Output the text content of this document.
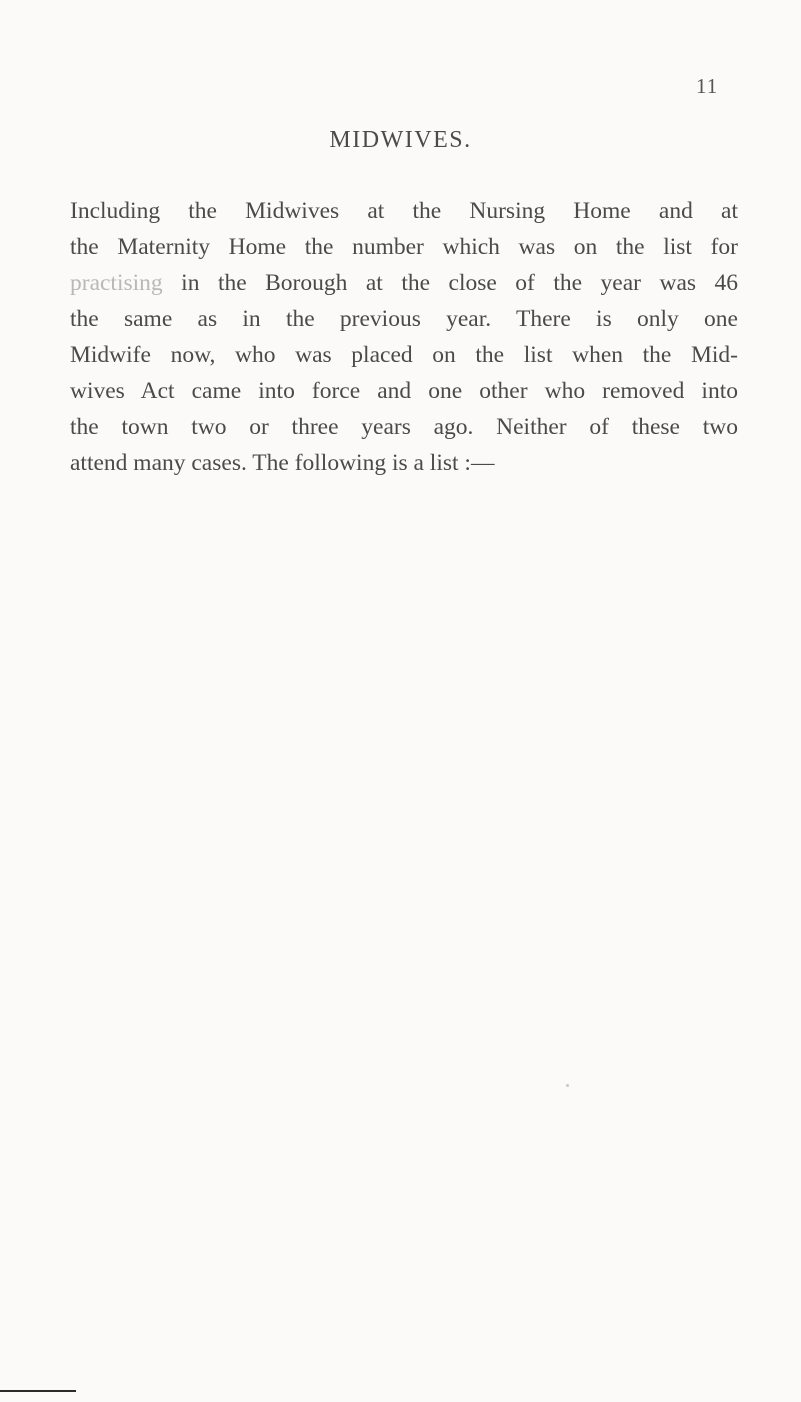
11
MIDWIVES.
Including the Midwives at the Nursing Home and at
the Maternity Home the number which was on the list for
practising in the Borough at the close of the year was 46
the same as in the previous year. There is only one
Midwife now, who was placed on the list when the Mid-
wives Act came into force and one other who removed into
the town two or three years ago. Neither of these two
attend many cases. The following is a list :—
